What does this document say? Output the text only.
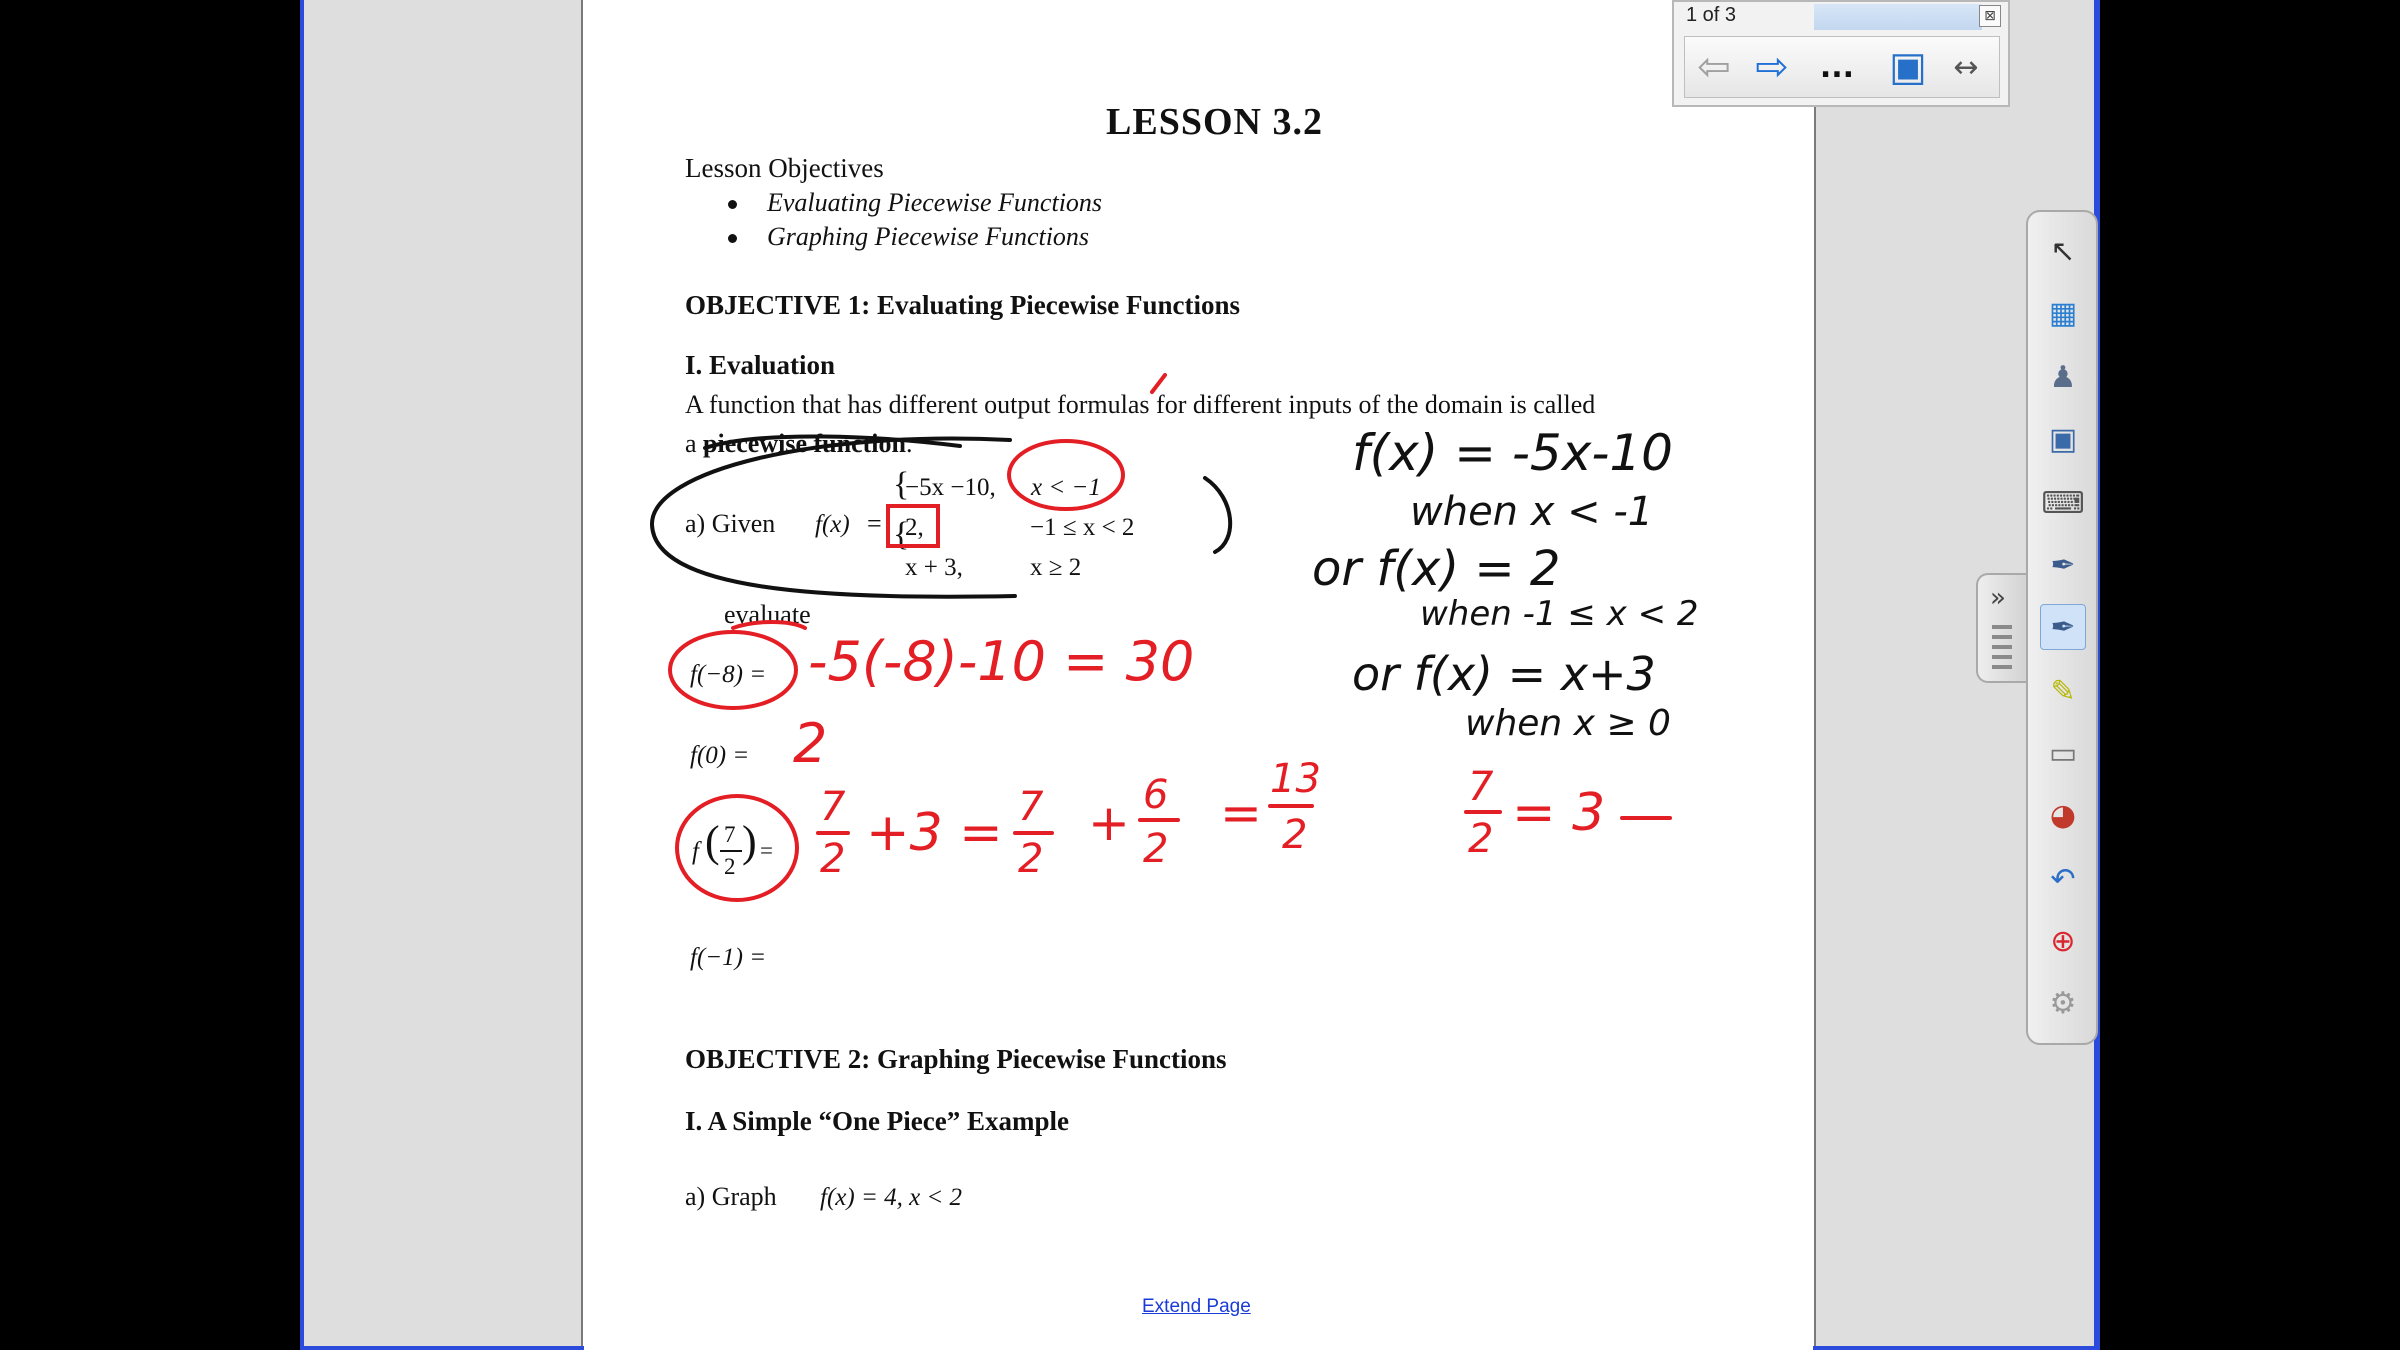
LESSON 3.2
Lesson Objectives
Evaluating Piecewise Functions
Graphing Piecewise Functions
OBJECTIVE 1: Evaluating Piecewise Functions
I. Evaluation
A function that has different output formulas for different inputs of the domain is called
a piecewise function.
a) Given f(x) =
{
{
−5x −10, x < −1
2,	−1 ≤ x < 2
x + 3,	x ≥ 2
evaluate
f(−8) =
f(0) =
f ( 7
2
) =
f(−1) =
OBJECTIVE 2: Graphing Piecewise Functions
I. A Simple “One Piece” Example
a) Graph f(x) = 4, x < 2
Extend Page
-5(-8)-10 = 30
2
7
2 +3 = 7
2
+ 6
2
=
13
2
7
2 = 3
f(x) = -5x-10
when x < -1
or f(x) = 2
when -1 ≤ x < 2
or f(x) = x+3
when x ≥ 0
1 of 3	⊠
⇦ ⇨	... ▣ ↔
»
↖
▦
♟
▣
⌨
✒
✒
✎
▭
◕
↶
⊕
⚙
